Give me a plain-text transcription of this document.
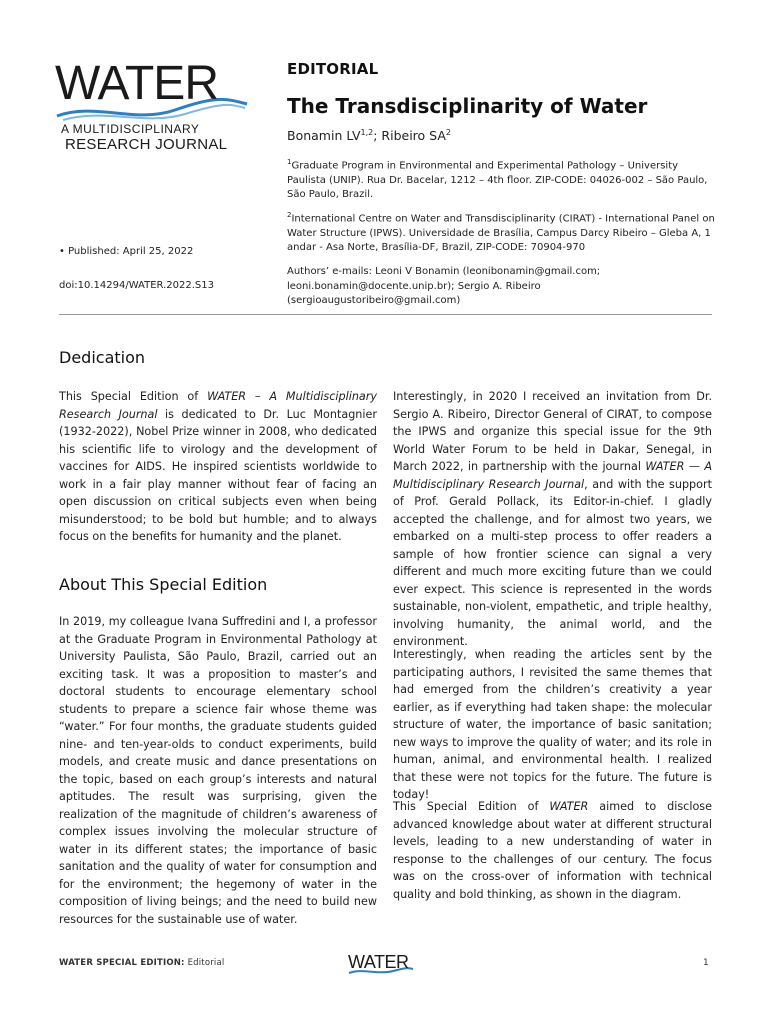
WATER
A MULTIDISCIPLINARY
RESEARCH JOURNAL
EDITORIAL
The Transdisciplinarity of Water
Bonamin LV$^{1,2}$; Ribeiro $SA^2$
$^1$Graduate Program in Environmental and Experimental Pathology – University Paulista (UNIP). Rua Dr. Bacelar, 1212 – 4th floor. ZIP-CODE: 04026-002 – São Paulo, São Paulo, Brazil.
$^2$International Centre on Water and Transdisciplinarity (CIRAT) - International Panel on Water Structure (IPWS). Universidade de Brasília, Campus Darcy Ribeiro – Gleba A, 1 andar - Asa Norte, Brasília-DF, Brazil, ZIP-CODE: 70904-970
Authors’ e-mails: Leoni V Bonamin (leonibonamin@gmail.com; leoni.bonamin@docente.unip.br); Sergio A. Ribeiro (sergioaugustoribeiro@gmail.com)
• Published: April 25, 2022
doi:10.14294/WATER.2022.S13
Dedication

This Special Edition of WATER – A Multidisciplinary Research Journal is dedicated to Dr. Luc Montagnier (1932-2022), Nobel Prize winner in 2008, who dedicated his scientific life to virology and the development of vaccines for AIDS. He inspired scientists worldwide to work in a fair play manner without fear of facing an open discussion on critical subjects even when being misunderstood; to be bold but humble; and to always focus on the benefits for humanity and the planet.

About This Special Edition

In 2019, my colleague Ivana Suffredini and I, a professor at the Graduate Program in Environmental Pathology at University Paulista, São Paulo, Brazil, carried out an exciting task. It was a proposition to master’s and doctoral students to encourage elementary school students to prepare a science fair whose theme was “water.” For four months, the graduate students guided nine- and ten-year-olds to conduct experiments, build models, and create music and dance presentations on the topic, based on each group’s interests and natural aptitudes. The result was surprising, given the realization of the magnitude of children’s awareness of complex issues involving the molecular structure of water in its different states; the importance of basic sanitation and the quality of water for consumption and for the environment; the hegemony of water in the composition of living beings; and the need to build new resources for the sustainable use of water.

Interestingly, in 2020 I received an invitation from Dr. Sergio A. Ribeiro, Director General of CIRAT, to compose the IPWS and organize this special issue for the 9th World Water Forum to be held in Dakar, Senegal, in March 2022, in partnership with the journal WATER — A Multidisciplinary Research Journal, and with the support of Prof. Gerald Pollack, its Editor-in-chief. I gladly accepted the challenge, and for almost two years, we embarked on a multi-step process to offer readers a sample of how frontier science can signal a very different and much more exciting future than we could ever expect. This science is represented in the words sustainable, non-violent, empathetic, and triple healthy, involving humanity, the animal world, and the environment.

Interestingly, when reading the articles sent by the participating authors, I revisited the same themes that had emerged from the children’s creativity a year earlier, as if everything had taken shape: the molecular structure of water, the importance of basic sanitation; new ways to improve the quality of water; and its role in human, animal, and environmental health. I realized that these were not topics for the future. The future is today!

This Special Edition of WATER aimed to disclose advanced knowledge about water at different structural levels, leading to a new understanding of water in response to the challenges of our century. The focus was on the cross-over of information with technical quality and bold thinking, as shown in the diagram.

WATER SPECIAL EDITION: Editorial	WATER	1
